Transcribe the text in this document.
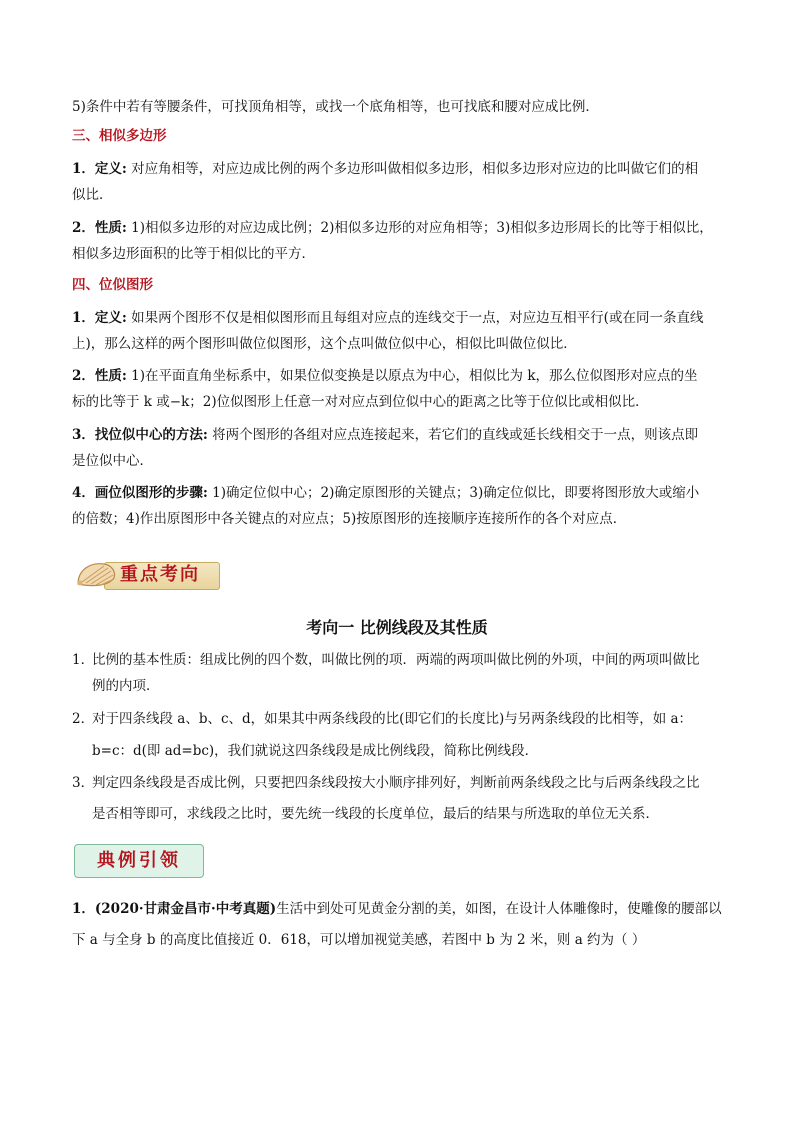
5)条件中若有等腰条件，可找顶角相等，或找一个底角相等，也可找底和腰对应成比例．
三、相似多边形
1．定义: 对应角相等，对应边成比例的两个多边形叫做相似多边形，相似多边形对应边的比叫做它们的相
似比．
2．性质: 1)相似多边形的对应边成比例；2)相似多边形的对应角相等；3)相似多边形周长的比等于相似比，
相似多边形面积的比等于相似比的平方．
四、位似图形
1．定义: 如果两个图形不仅是相似图形而且每组对应点的连线交于一点，对应边互相平行(或在同一条直线
上)，那么这样的两个图形叫做位似图形，这个点叫做位似中心，相似比叫做位似比．
2．性质: 1)在平面直角坐标系中，如果位似变换是以原点为中心，相似比为 k，那么位似图形对应点的坐
标的比等于 k 或−k；2)位似图形上任意一对对应点到位似中心的距离之比等于位似比或相似比．
3．找位似中心的方法: 将两个图形的各组对应点连接起来，若它们的直线或延长线相交于一点，则该点即
是位似中心．
4．画位似图形的步骤: 1)确定位似中心；2)确定原图形的关键点；3)确定位似比，即要将图形放大或缩小
的倍数；4)作出原图形中各关键点的对应点；5)按原图形的连接顺序连接所作的各个对应点．
重点考向
考向一 比例线段及其性质
1．
比例的基本性质：组成比例的四个数，叫做比例的项．两端的两项叫做比例的外项，中间的两项叫做比
例的内项．
2．
对于四条线段 a、b、c、d，如果其中两条线段的比(即它们的长度比)与另两条线段的比相等，如 a：
b=c：d(即 ad=bc)，我们就说这四条线段是成比例线段，简称比例线段．
3．
判定四条线段是否成比例，只要把四条线段按大小顺序排列好，判断前两条线段之比与后两条线段之比
是否相等即可，求线段之比时，要先统一线段的长度单位，最后的结果与所选取的单位无关系．
典例引领
1．(2020·甘肃金昌市·中考真题)生活中到处可见黄金分割的美，如图，在设计人体雕像时，使雕像的腰部以
下 a 与全身 b 的高度比值接近 0．618，可以增加视觉美感，若图中 b 为 2 米，则 a 约为（ ）
